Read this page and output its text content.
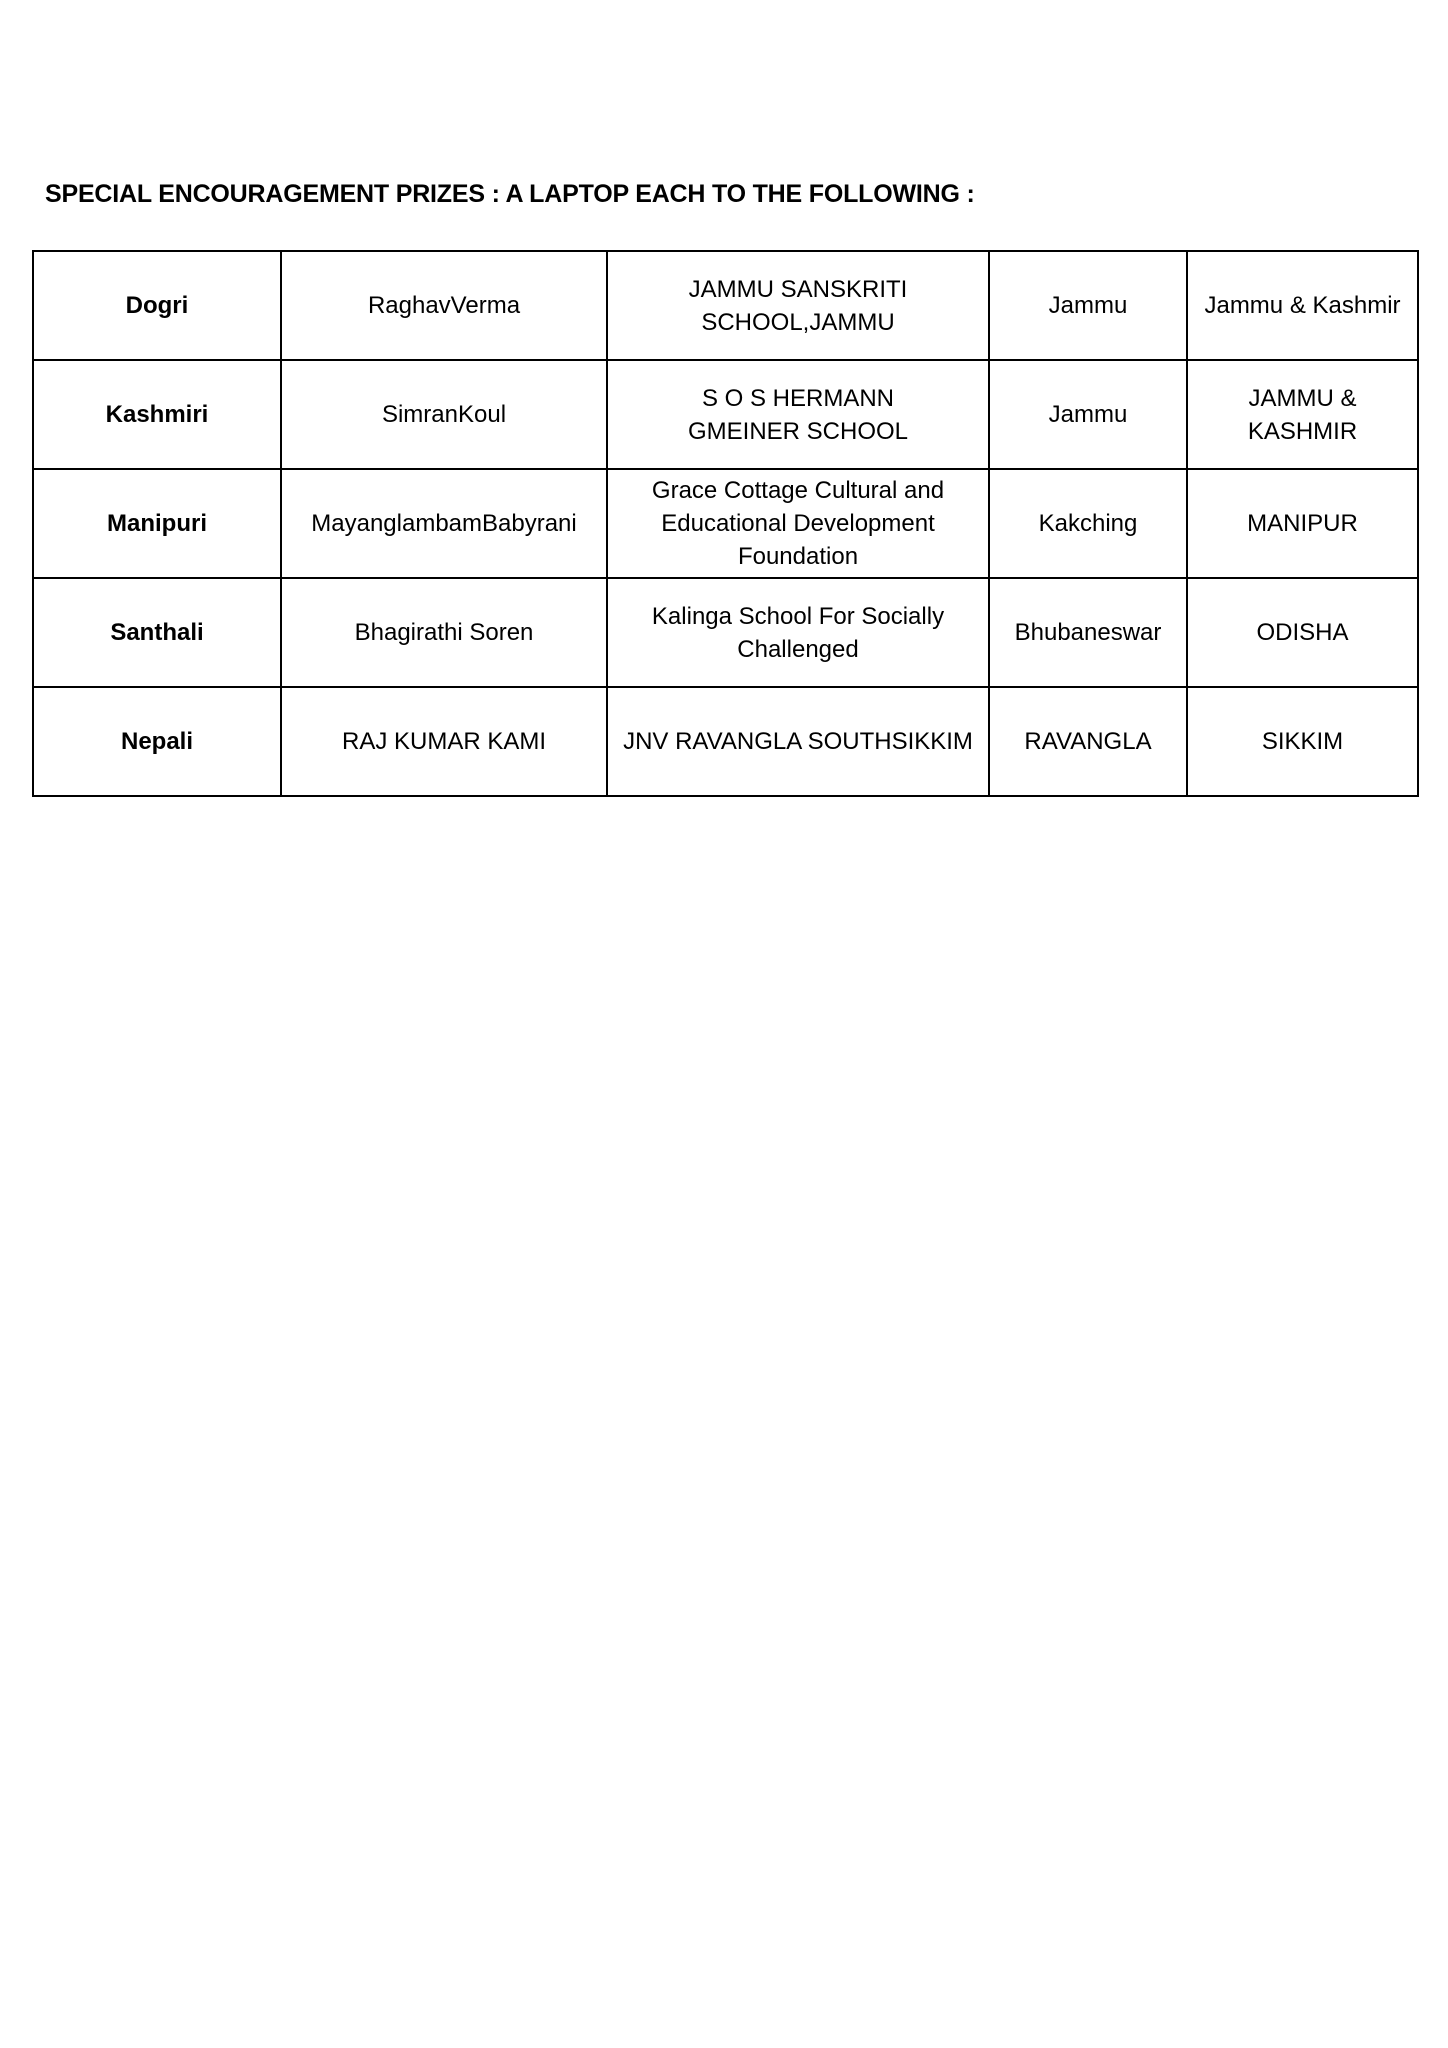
SPECIAL ENCOURAGEMENT PRIZES : A LAPTOP EACH TO THE FOLLOWING :
Dogri	RaghavVerma	JAMMU SANSKRITI SCHOOL,JAMMU	Jammu	Jammu & Kashmir
Kashmiri	SimranKoul	S O S HERMANN GMEINER SCHOOL	Jammu	JAMMU & KASHMIR
Manipuri	MayanglambamBabyrani	Grace Cottage Cultural and Educational Development Foundation	Kakching	MANIPUR
Santhali	Bhagirathi Soren	Kalinga School For Socially Challenged	Bhubaneswar	ODISHA
Nepali	RAJ KUMAR KAMI	JNV RAVANGLA SOUTHSIKKIM	RAVANGLA	SIKKIM
